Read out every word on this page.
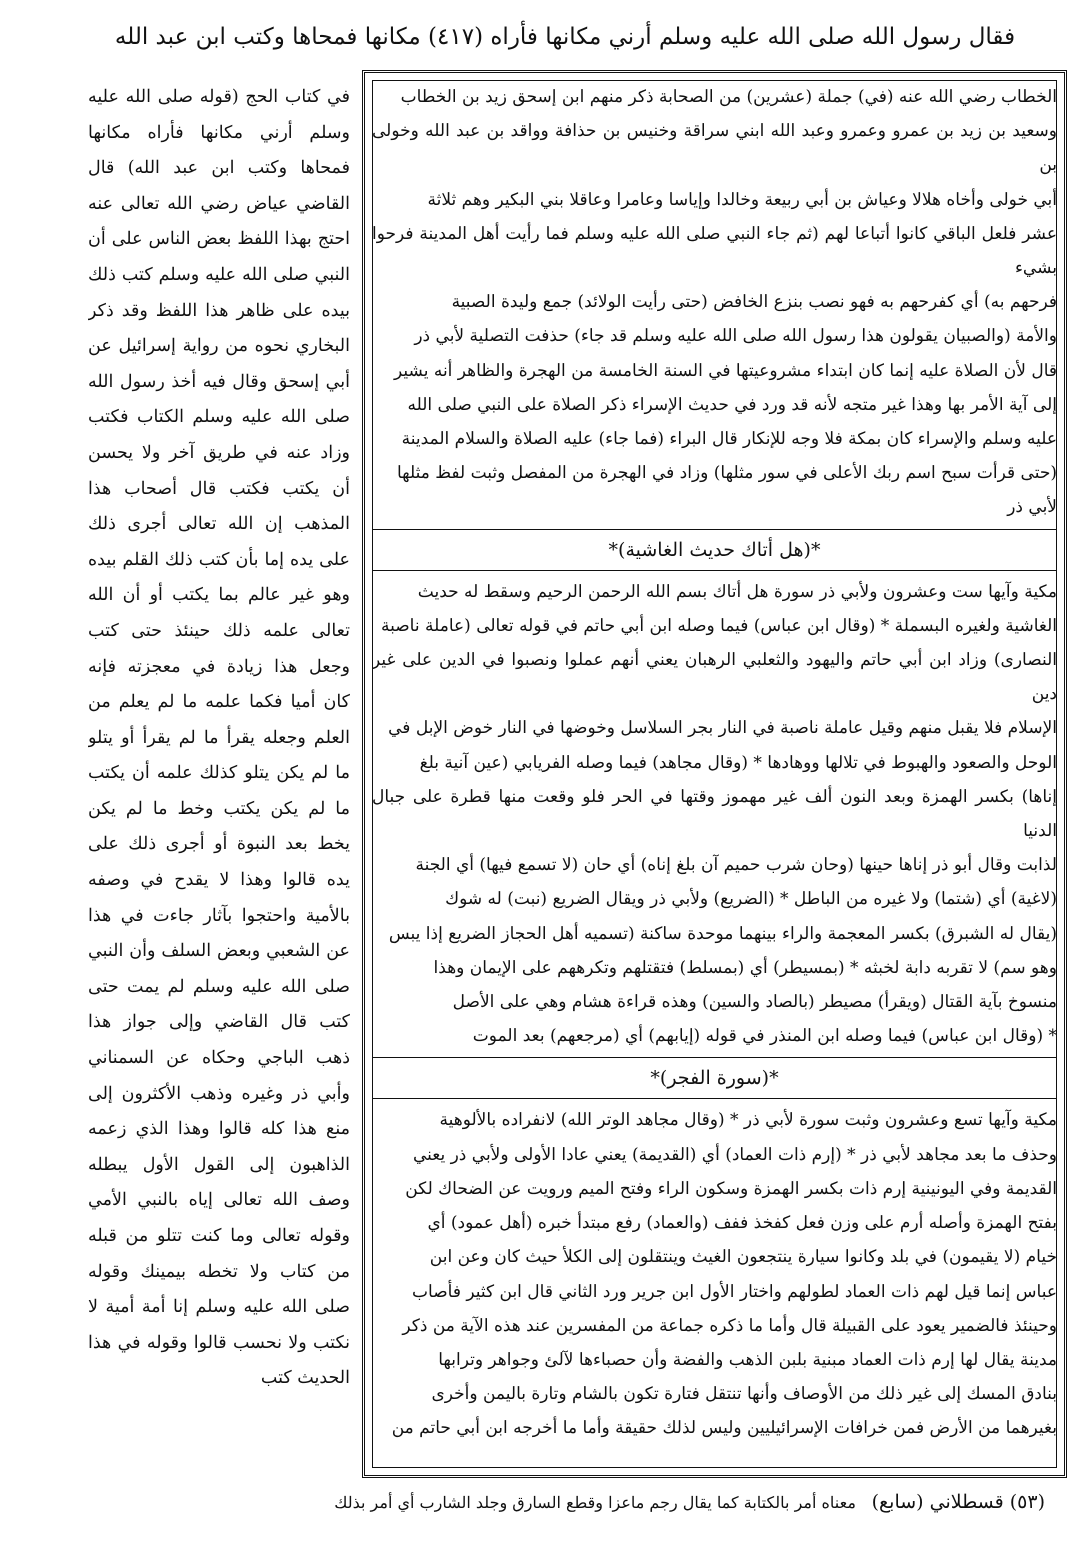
فقال رسول الله صلى الله عليه وسلم أرني مكانها فأراه (٤١٧) مكانها فمحاها وكتب ابن عبد الله

الخطاب رضي الله عنه (في) جملة (عشرين) من الصحابة ذكر منهم ابن إسحق زيد بن الخطاب

وسعيد بن زيد بن عمرو وعمرو وعبد الله ابني سراقة وخنيس بن حذافة وواقد بن عبد الله وخولى بن

أبي خولى وأخاه هلالا وعياش بن أبي ربيعة وخالدا وإياسا وعامرا وعاقلا بني البكير وهم ثلاثة

عشر فلعل الباقي كانوا أتباعا لهم (ثم جاء النبي صلى الله عليه وسلم فما رأيت أهل المدينة فرحوا بشيء

فرحهم به) أي كفرحهم به فهو نصب بنزع الخافض (حتى رأيت الولائد) جمع وليدة الصبية

والأمة (والصبيان يقولون هذا رسول الله صلى الله عليه وسلم قد جاء) حذفت التصلية لأبي ذر

قال لأن الصلاة عليه إنما كان ابتداء مشروعيتها في السنة الخامسة من الهجرة والظاهر أنه يشير

إلى آية الأمر بها وهذا غير متجه لأنه قد ورد في حديث الإسراء ذكر الصلاة على النبي صلى الله

عليه وسلم والإسراء كان بمكة فلا وجه للإنكار قال البراء (فما جاء) عليه الصلاة والسلام المدينة

(حتى قرأت سبح اسم ربك الأعلى في سور مثلها) وزاد في الهجرة من المفصل وثبت لفظ مثلها

لأبي ذر

*(هل أتاك حديث الغاشية)*

مكية وآيها ست وعشرون ولأبي ذر سورة هل أتاك بسم الله الرحمن الرحيم وسقط له حديث

الغاشية ولغيره البسملة * (وقال ابن عباس) فيما وصله ابن أبي حاتم في قوله تعالى (عاملة ناصبة

النصارى) وزاد ابن أبي حاتم واليهود والثعلبي الرهبان يعني أنهم عملوا ونصبوا في الدين على غير دين

الإسلام فلا يقبل منهم وقيل عاملة ناصبة في النار بجر السلاسل وخوضها في النار خوض الإبل في

الوحل والصعود والهبوط في تلالها ووهادها * (وقال مجاهد) فيما وصله الفريابي (عين آنية بلغ

إناها) بكسر الهمزة وبعد النون ألف غير مهموز وقتها في الحر فلو وقعت منها قطرة على جبال الدنيا

لذابت وقال أبو ذر إناها حينها (وحان شرب حميم آن بلغ إناه) أي حان (لا تسمع فيها) أي الجنة

(لاغية) أي (شتما) ولا غيره من الباطل * (الضريع) ولأبي ذر ويقال الضريع (نبت) له شوك

(يقال له الشبرق) بكسر المعجمة والراء بينهما موحدة ساكنة (تسميه أهل الحجاز الضريع إذا يبس

وهو سم) لا تقربه دابة لخبثه * (بمسيطر) أي (بمسلط) فتقتلهم وتكرههم على الإيمان وهذا

منسوخ بآية القتال (ويقرأ) مصيطر (بالصاد والسين) وهذه قراءة هشام وهي على الأصل

* (وقال ابن عباس) فيما وصله ابن المنذر في قوله (إيابهم) أي (مرجعهم) بعد الموت

*(سورة الفجر)*

مكية وآيها تسع وعشرون وثبت سورة لأبي ذر * (وقال مجاهد الوتر الله) لانفراده بالألوهية

وحذف ما بعد مجاهد لأبي ذر * (إرم ذات العماد) أي (القديمة) يعني عادا الأولى ولأبي ذر يعني

القديمة وفي اليونينية إرم ذات بكسر الهمزة وسكون الراء وفتح الميم ورويت عن الضحاك لكن

بفتح الهمزة وأصله أرم على وزن فعل كفخذ ففف (والعماد) رفع مبتدأ خبره (أهل عمود) أي

خيام (لا يقيمون) في بلد وكانوا سيارة ينتجعون الغيث وينتقلون إلى الكلأ حيث كان وعن ابن

عباس إنما قيل لهم ذات العماد لطولهم واختار الأول ابن جرير ورد الثاني قال ابن كثير فأصاب

وحينئذ فالضمير يعود على القبيلة قال وأما ما ذكره جماعة من المفسرين عند هذه الآية من ذكر

مدينة يقال لها إرم ذات العماد مبنية بلبن الذهب والفضة وأن حصباءها لآلئ وجواهر وترابها

بنادق المسك إلى غير ذلك من الأوصاف وأنها تنتقل فتارة تكون بالشام وتارة باليمن وأخرى

بغيرهما من الأرض فمن خرافات الإسرائيليين وليس لذلك حقيقة وأما ما أخرجه ابن أبي حاتم من

في كتاب الحج (قوله صلى الله عليه وسلم أرني مكانها فأراه مكانها فمحاها وكتب ابن عبد الله) قال القاضي عياض رضي الله تعالى عنه احتج بهذا اللفظ بعض الناس على أن النبي صلى الله عليه وسلم كتب ذلك بيده على ظاهر هذا اللفظ وقد ذكر البخاري نحوه من رواية إسرائيل عن أبي إسحق وقال فيه أخذ رسول الله صلى الله عليه وسلم الكتاب فكتب وزاد عنه في طريق آخر ولا يحسن أن يكتب فكتب قال أصحاب هذا المذهب إن الله تعالى أجرى ذلك على يده إما بأن كتب ذلك القلم بيده وهو غير عالم بما يكتب أو أن الله تعالى علمه ذلك حينئذ حتى كتب وجعل هذا زيادة في معجزته فإنه كان أميا فكما علمه ما لم يعلم من العلم وجعله يقرأ ما لم يقرأ أو يتلو ما لم يكن يتلو كذلك علمه أن يكتب ما لم يكن يكتب وخط ما لم يكن يخط بعد النبوة أو أجرى ذلك على يده قالوا وهذا لا يقدح في وصفه بالأمية واحتجوا بآثار جاءت في هذا عن الشعبي وبعض السلف وأن النبي صلى الله عليه وسلم لم يمت حتى كتب قال القاضي وإلى جواز هذا ذهب الباجي وحكاه عن السمناني وأبي ذر وغيره وذهب الأكثرون إلى منع هذا كله قالوا وهذا الذي زعمه الذاهبون إلى القول الأول يبطله وصف الله تعالى إياه بالنبي الأمي وقوله تعالى وما كنت تتلو من قبله من كتاب ولا تخطه بيمينك وقوله صلى الله عليه وسلم إنا أمة أمية لا نكتب ولا نحسب قالوا وقوله في هذا الحديث كتب

(٥٣) قسطلاني (سابع) معناه أمر بالكتابة كما يقال رجم ماعزا وقطع السارق وجلد الشارب أي أمر بذلك
